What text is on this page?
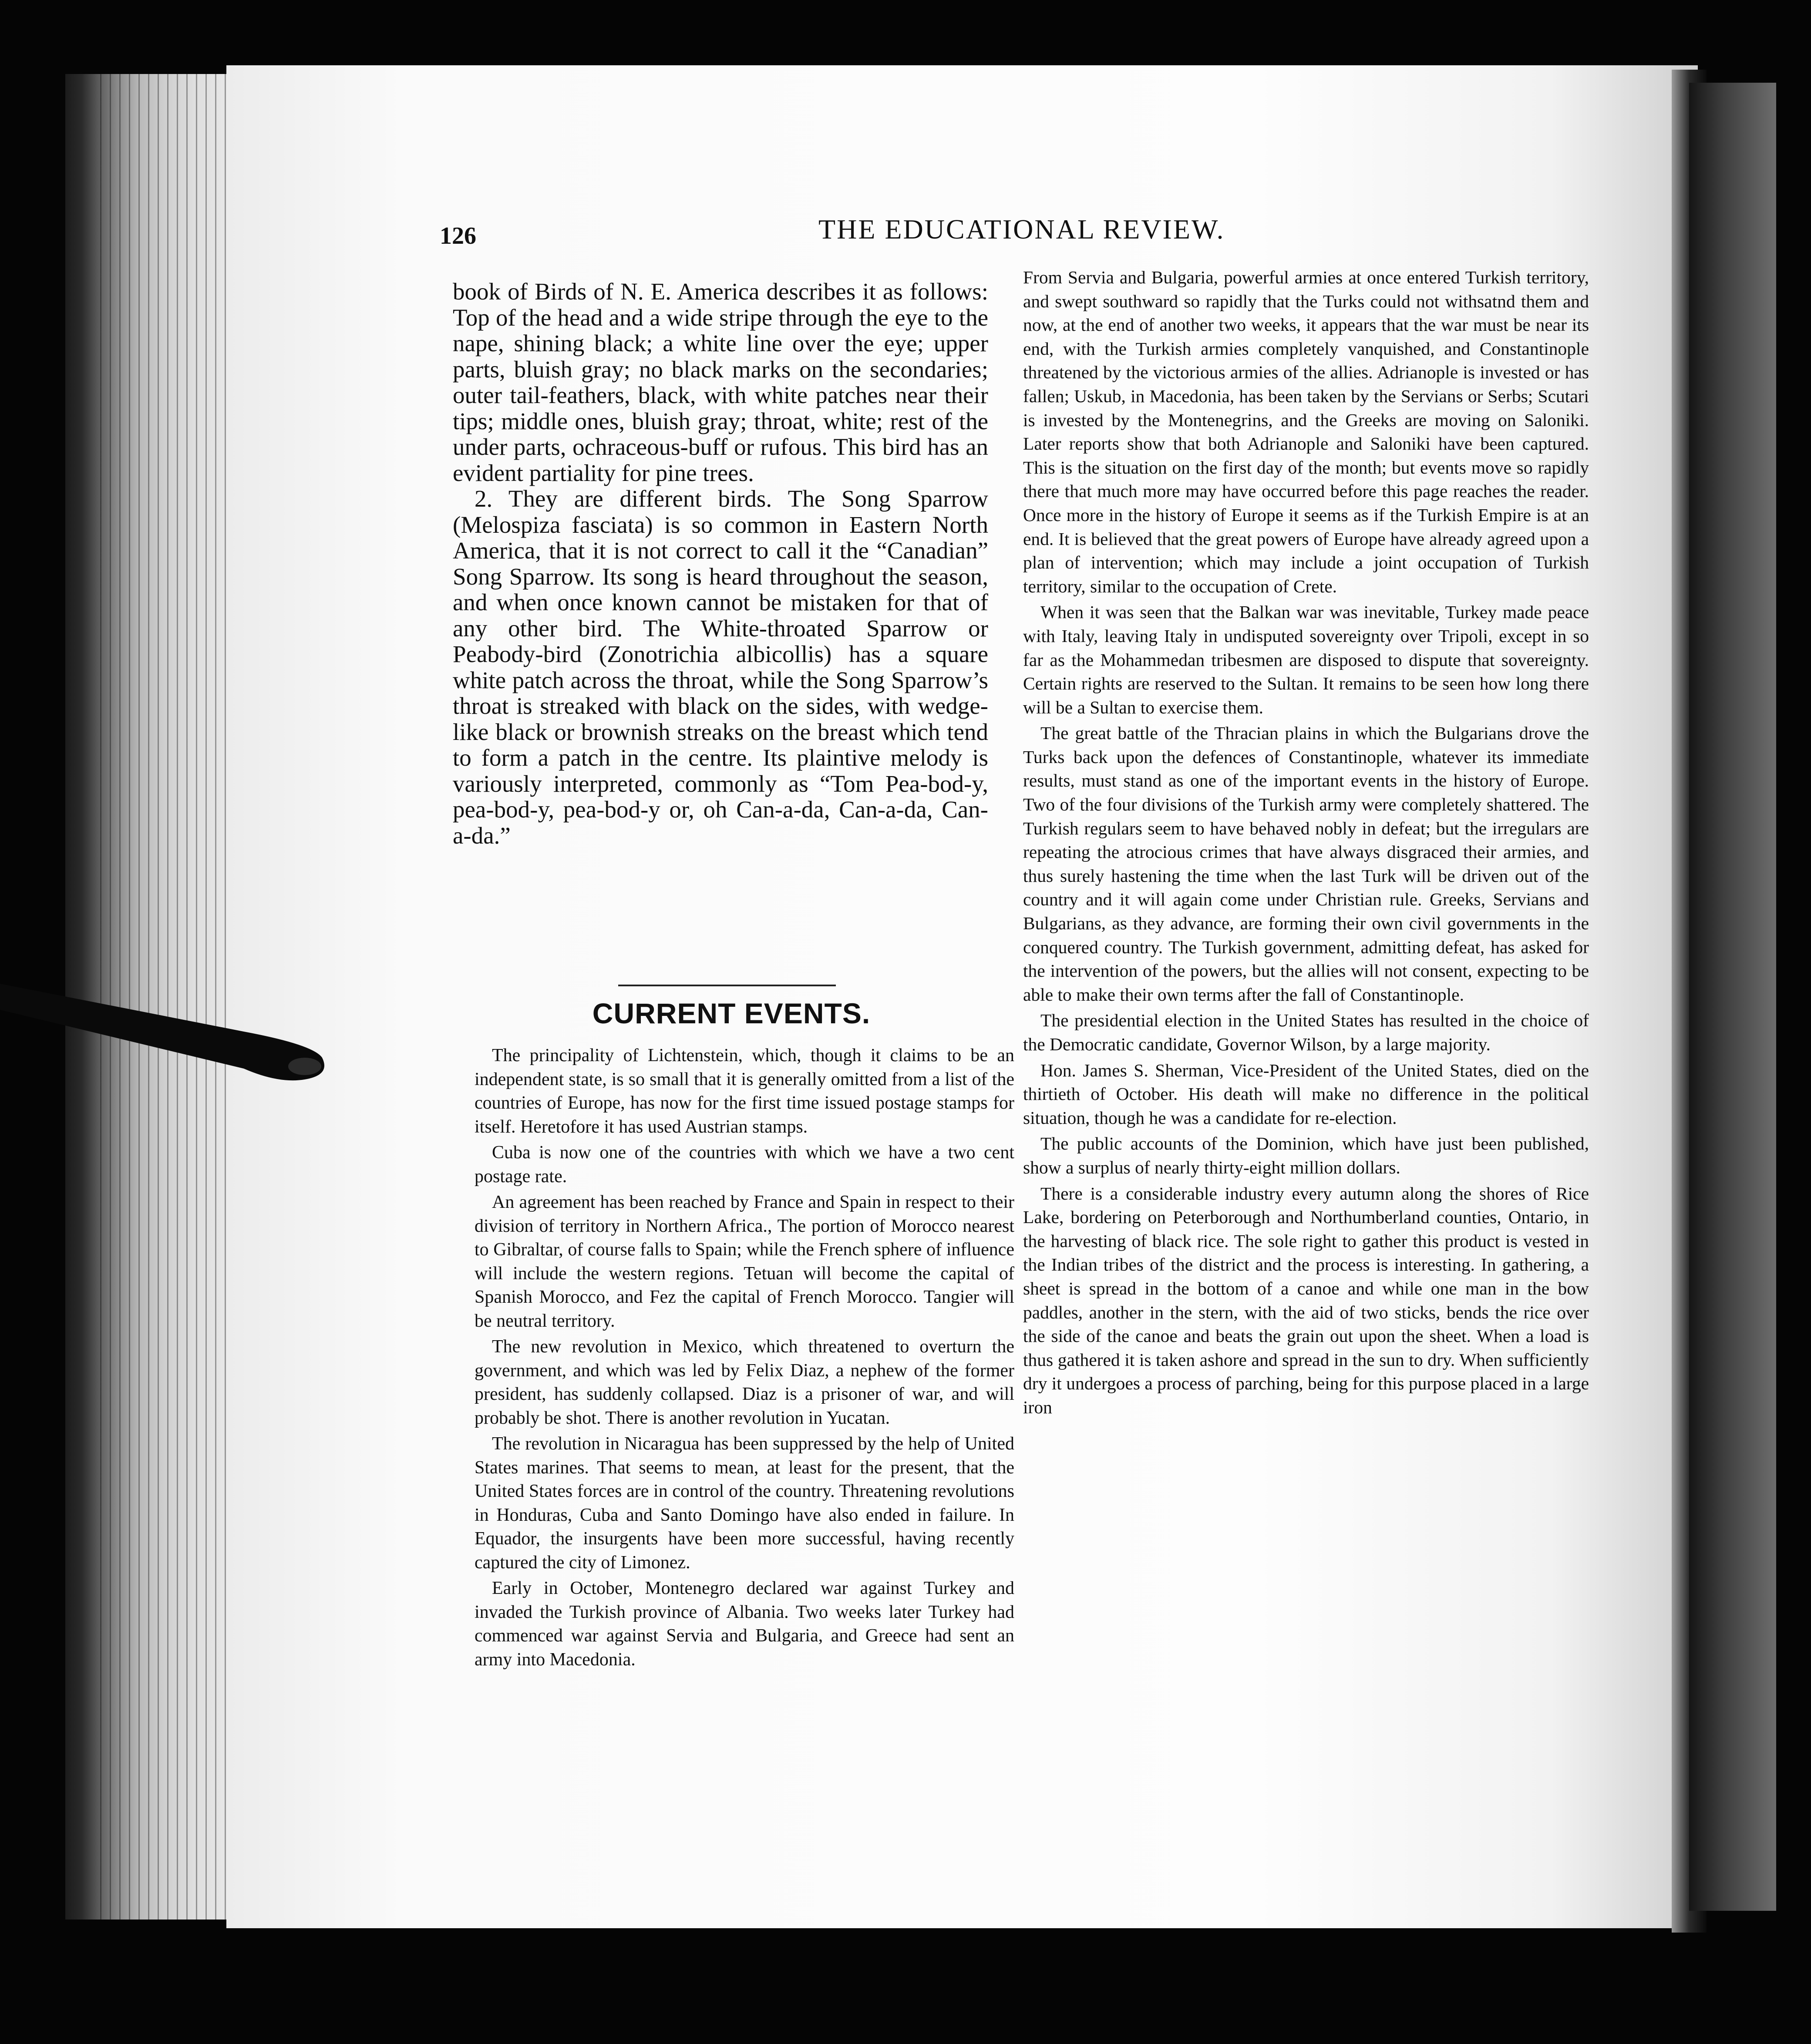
126	THE EDUCATIONAL REVIEW.

book of Birds of N. E. America describes it as follows: Top of the head and a wide stripe through the eye to the nape, shining black; a white line over the eye; upper parts, bluish gray; no black marks on the secondaries; outer tail-feathers, black, with white patches near their tips; middle ones, bluish gray; throat, white; rest of the under parts, ochraceous-buff or rufous. This bird has an evident partiality for pine trees.

2. They are different birds. The Song Sparrow (Melospiza fasciata) is so common in Eastern North America, that it is not correct to call it the “Canadian” Song Sparrow. Its song is heard throughout the season, and when once known cannot be mistaken for that of any other bird. The White-throated Sparrow or Peabody-bird (Zonotrichia albicollis) has a square white patch across the throat, while the Song Sparrow’s throat is streaked with black on the sides, with wedge-like black or brownish streaks on the breast which tend to form a patch in the centre. Its plaintive melody is variously interpreted, commonly as “Tom Pea-bod-y, pea-bod-y, pea-bod-y or, oh Can-a-da, Can-a-da, Can-a-da.”

CURRENT EVENTS.

The principality of Lichtenstein, which, though it claims to be an independent state, is so small that it is generally omitted from a list of the countries of Europe, has now for the first time issued postage stamps for itself. Heretofore it has used Austrian stamps.

Cuba is now one of the countries with which we have a two cent postage rate.

An agreement has been reached by France and Spain in respect to their division of territory in Northern Africa., The portion of Morocco nearest to Gibraltar, of course falls to Spain; while the French sphere of influence will include the western regions. Tetuan will become the capital of Spanish Morocco, and Fez the capital of French Morocco. Tangier will be neutral territory.

The new revolution in Mexico, which threatened to overturn the government, and which was led by Felix Diaz, a nephew of the former president, has suddenly collapsed. Diaz is a prisoner of war, and will probably be shot. There is another revolution in Yucatan.

The revolution in Nicaragua has been suppressed by the help of United States marines. That seems to mean, at least for the present, that the United States forces are in control of the country. Threatening revolutions in Honduras, Cuba and Santo Domingo have also ended in failure. In Equador, the insurgents have been more successful, having recently captured the city of Limonez.

Early in October, Montenegro declared war against Turkey and invaded the Turkish province of Albania. Two weeks later Turkey had commenced war against Servia and Bulgaria, and Greece had sent an army into Macedonia.

From Servia and Bulgaria, powerful armies at once entered Turkish territory, and swept southward so rapidly that the Turks could not withsatnd them and now, at the end of another two weeks, it appears that the war must be near its end, with the Turkish armies completely vanquished, and Constantinople threatened by the victorious armies of the allies. Adrianople is invested or has fallen; Uskub, in Macedonia, has been taken by the Servians or Serbs; Scutari is invested by the Montenegrins, and the Greeks are moving on Saloniki. Later reports show that both Adrianople and Saloniki have been captured. This is the situation on the first day of the month; but events move so rapidly there that much more may have occurred before this page reaches the reader. Once more in the history of Europe it seems as if the Turkish Empire is at an end. It is believed that the great powers of Europe have already agreed upon a plan of intervention; which may include a joint occupation of Turkish territory, similar to the occupation of Crete.

When it was seen that the Balkan war was inevitable, Turkey made peace with Italy, leaving Italy in undisputed sovereignty over Tripoli, except in so far as the Mohammedan tribesmen are disposed to dispute that sovereignty. Certain rights are reserved to the Sultan. It remains to be seen how long there will be a Sultan to exercise them.

The great battle of the Thracian plains in which the Bulgarians drove the Turks back upon the defences of Constantinople, whatever its immediate results, must stand as one of the important events in the history of Europe. Two of the four divisions of the Turkish army were completely shattered. The Turkish regulars seem to have behaved nobly in defeat; but the irregulars are repeating the atrocious crimes that have always disgraced their armies, and thus surely hastening the time when the last Turk will be driven out of the country and it will again come under Christian rule. Greeks, Servians and Bulgarians, as they advance, are forming their own civil governments in the conquered country. The Turkish government, admitting defeat, has asked for the intervention of the powers, but the allies will not consent, expecting to be able to make their own terms after the fall of Constantinople.

The presidential election in the United States has resulted in the choice of the Democratic candidate, Governor Wilson, by a large majority.

Hon. James S. Sherman, Vice-President of the United States, died on the thirtieth of October. His death will make no difference in the political situation, though he was a candidate for re-election.

The public accounts of the Dominion, which have just been published, show a surplus of nearly thirty-eight million dollars.

There is a considerable industry every autumn along the shores of Rice Lake, bordering on Peterborough and Northumberland counties, Ontario, in the harvesting of black rice. The sole right to gather this product is vested in the Indian tribes of the district and the process is interesting. In gathering, a sheet is spread in the bottom of a canoe and while one man in the bow paddles, another in the stern, with the aid of two sticks, bends the rice over the side of the canoe and beats the grain out upon the sheet. When a load is thus gathered it is taken ashore and spread in the sun to dry. When sufficiently dry it undergoes a process of parching, being for this purpose placed in a large iron
